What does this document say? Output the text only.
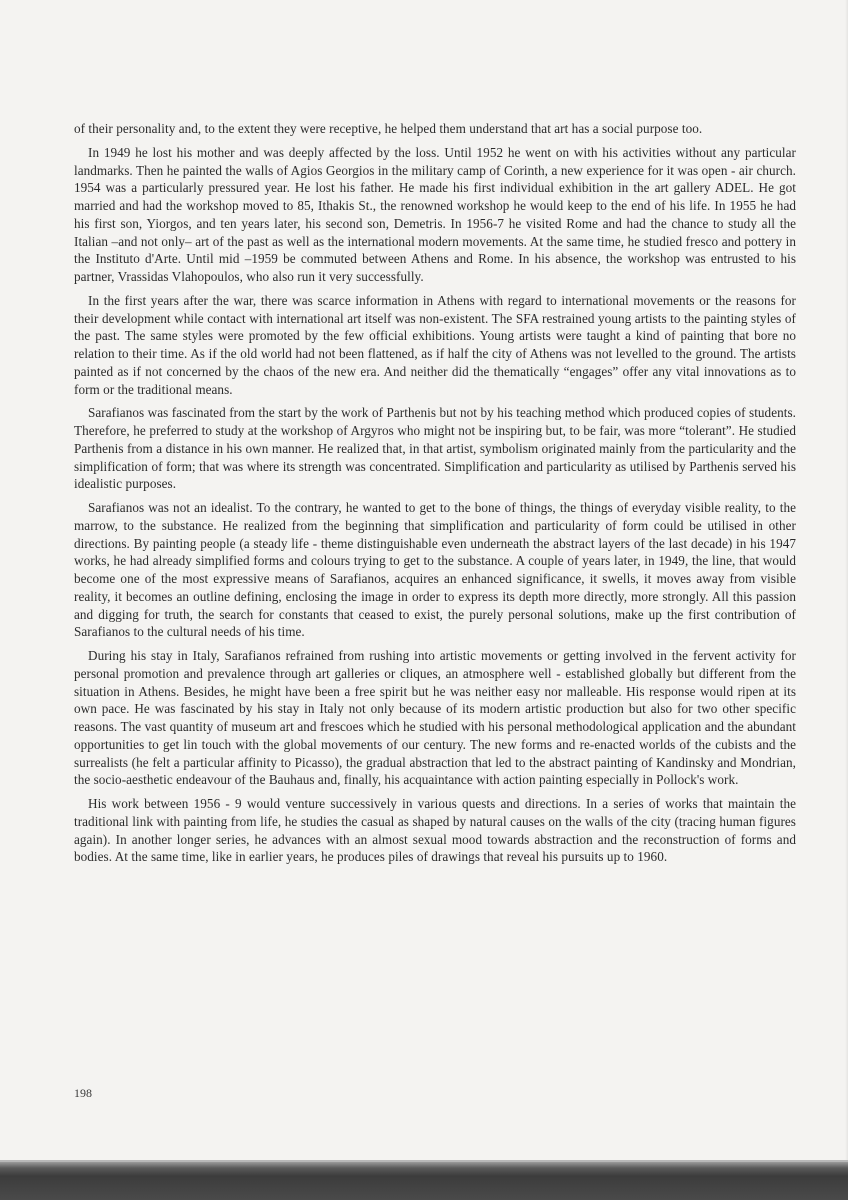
of their personality and, to the extent they were receptive, he helped them understand that art has a social purpose too.

In 1949 he lost his mother and was deeply affected by the loss. Until 1952 he went on with his activities without any particular landmarks. Then he painted the walls of Agios Georgios in the military camp of Corinth, a new experience for it was open - air church. 1954 was a particularly pressured year. He lost his father. He made his first individual exhibition in the art gallery ADEL. He got married and had the workshop moved to 85, Ithakis St., the renowned workshop he would keep to the end of his life. In 1955 he had his first son, Yiorgos, and ten years later, his second son, Demetris. In 1956-7 he visited Rome and had the chance to study all the Italian –and not only– art of the past as well as the international modern movements. At the same time, he studied fresco and pottery in the Instituto d'Arte. Until mid –1959 be commuted between Athens and Rome. In his absence, the workshop was entrusted to his partner, Vrassidas Vlahopoulos, who also run it very successfully.

In the first years after the war, there was scarce information in Athens with regard to international movements or the reasons for their development while contact with international art itself was non-existent. The SFA restrained young artists to the painting styles of the past. The same styles were promoted by the few official exhibitions. Young artists were taught a kind of painting that bore no relation to their time. As if the old world had not been flattened, as if half the city of Athens was not levelled to the ground. The artists painted as if not concerned by the chaos of the new era. And neither did the thematically “engages” offer any vital innovations as to form or the traditional means.

Sarafianos was fascinated from the start by the work of Parthenis but not by his teaching method which produced copies of students. Therefore, he preferred to study at the workshop of Argyros who might not be inspiring but, to be fair, was more “tolerant”. He studied Parthenis from a distance in his own manner. He realized that, in that artist, symbolism originated mainly from the particularity and the simplification of form; that was where its strength was concentrated. Simplification and particularity as utilised by Parthenis served his idealistic purposes.

Sarafianos was not an idealist. To the contrary, he wanted to get to the bone of things, the things of everyday visible reality, to the marrow, to the substance. He realized from the beginning that simplification and particularity of form could be utilised in other directions. By painting people (a steady life - theme distinguishable even underneath the abstract layers of the last decade) in his 1947 works, he had already simplified forms and colours trying to get to the substance. A couple of years later, in 1949, the line, that would become one of the most expressive means of Sarafianos, acquires an enhanced significance, it swells, it moves away from visible reality, it becomes an outline defining, enclosing the image in order to express its depth more directly, more strongly. All this passion and digging for truth, the search for constants that ceased to exist, the purely personal solutions, make up the first contribution of Sarafianos to the cultural needs of his time.

During his stay in Italy, Sarafianos refrained from rushing into artistic movements or getting involved in the fervent activity for personal promotion and prevalence through art galleries or cliques, an atmosphere well - established globally but different from the situation in Athens. Besides, he might have been a free spirit but he was neither easy nor malleable. His response would ripen at its own pace. He was fascinated by his stay in Italy not only because of its modern artistic production but also for two other specific reasons. The vast quantity of museum art and frescoes which he studied with his personal methodological application and the abundant opportunities to get lin touch with the global movements of our century. The new forms and re-enacted worlds of the cubists and the surrealists (he felt a particular affinity to Picasso), the gradual abstraction that led to the abstract painting of Kandinsky and Mondrian, the socio-aesthetic endeavour of the Bauhaus and, finally, his acquaintance with action painting especially in Pollock's work.

His work between 1956 - 9 would venture successively in various quests and directions. In a series of works that maintain the traditional link with painting from life, he studies the casual as shaped by natural causes on the walls of the city (tracing human figures again). In another longer series, he advances with an almost sexual mood towards abstraction and the reconstruction of forms and bodies. At the same time, like in earlier years, he produces piles of drawings that reveal his pursuits up to 1960.

198
